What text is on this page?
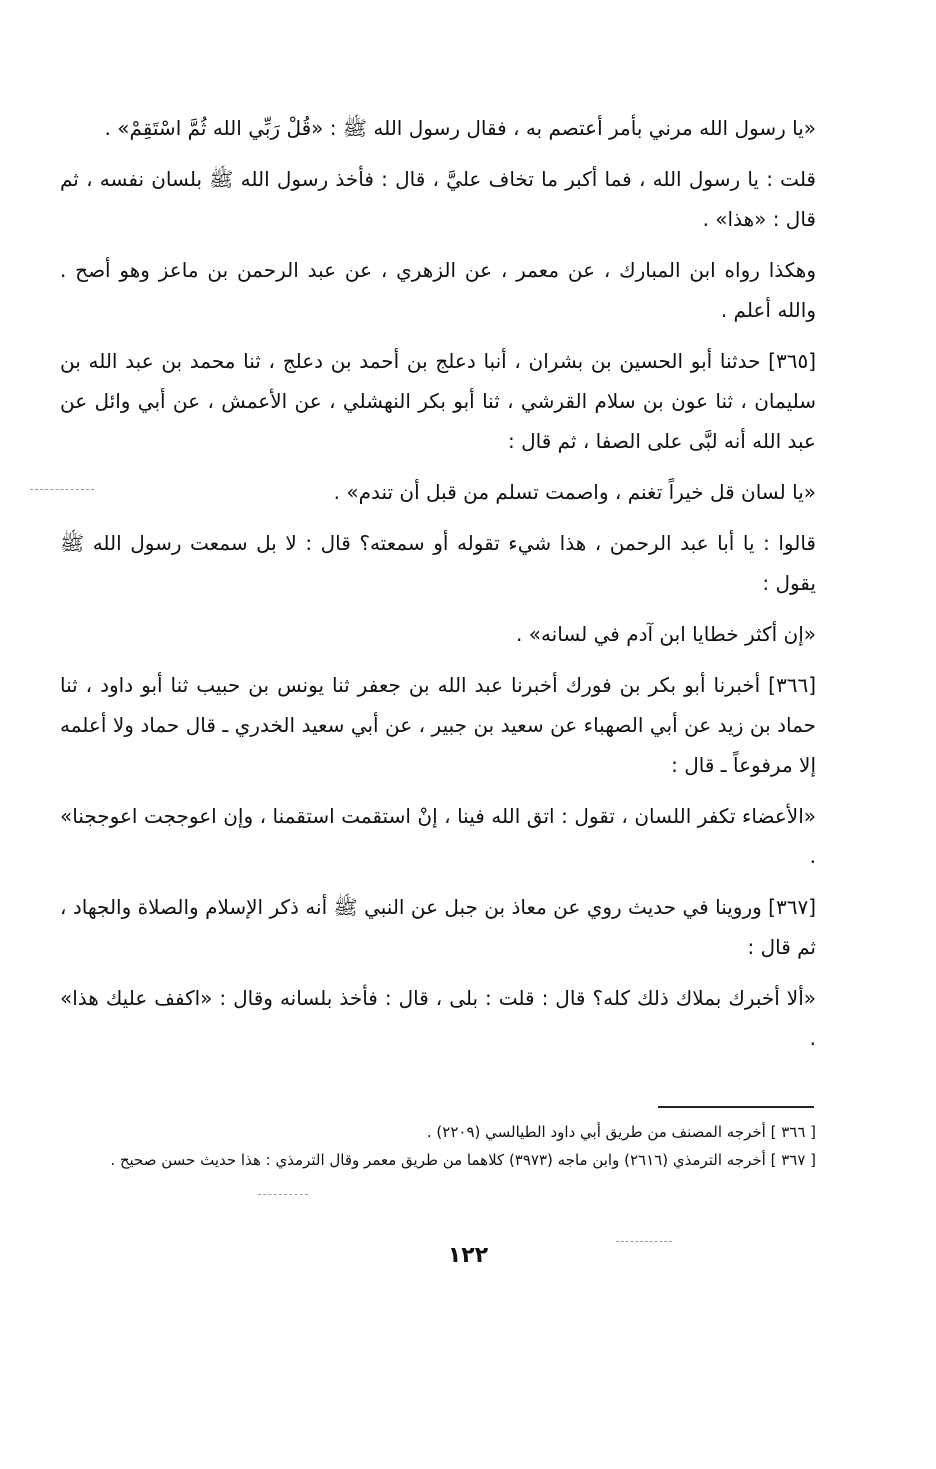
«يا رسول الله مرني بأمر أعتصم به ، فقال رسول الله ﷺ : «قُلْ رَبِّي الله ثُمَّ اسْتَقِمْ» .

قلت : يا رسول الله ، فما أكبر ما تخاف عليَّ ، قال : فأخذ رسول الله ﷺ بلسان نفسه ، ثم قال : «هذا» .

وهكذا رواه ابن المبارك ، عن معمر ، عن الزهري ، عن عبد الرحمن بن ماعز وهو أصح . والله أعلم .

[٣٦٥] حدثنا أبو الحسين بن بشران ، أنبا دعلج بن أحمد بن دعلج ، ثنا محمد بن عبد الله بن سليمان ، ثنا عون بن سلام القرشي ، ثنا أبو بكر النهشلي ، عن الأعمش ، عن أبي وائل عن عبد الله أنه لبَّى على الصفا ، ثم قال :

«يا لسان قل خيراً تغنم ، واصمت تسلم من قبل أن تندم» .

قالوا : يا أبا عبد الرحمن ، هذا شيء تقوله أو سمعته؟ قال : لا بل سمعت رسول الله ﷺ يقول :

«إن أكثر خطايا ابن آدم في لسانه» .

[٣٦٦] أخبرنا أبو بكر بن فورك أخبرنا عبد الله بن جعفر ثنا يونس بن حبيب ثنا أبو داود ، ثنا حماد بن زيد عن أبي الصهباء عن سعيد بن جبير ، عن أبي سعيد الخدري ـ قال حماد ولا أعلمه إلا مرفوعاً ـ قال :

«الأعضاء تكفر اللسان ، تقول : اتق الله فينا ، إنْ استقمت استقمنا ، وإن اعوججت اعوججنا» .

[٣٦٧] وروينا في حديث روي عن معاذ بن جبل عن النبي ﷺ أنه ذكر الإسلام والصلاة والجهاد ، ثم قال :

«ألا أخبرك بملاك ذلك كله؟ قال : قلت : بلى ، قال : فأخذ بلسانه وقال : «اكفف عليك هذا» .

[ ٣٦٦ ] أخرجه المصنف من طريق أبي داود الطيالسي (٢٢٠٩) .

[ ٣٦٧ ] أخرجه الترمذي (٢٦١٦) وابن ماجه (٣٩٧٣) كلاهما من طريق معمر وقال الترمذي : هذا حديث حسن صحيح .

١٢٢
